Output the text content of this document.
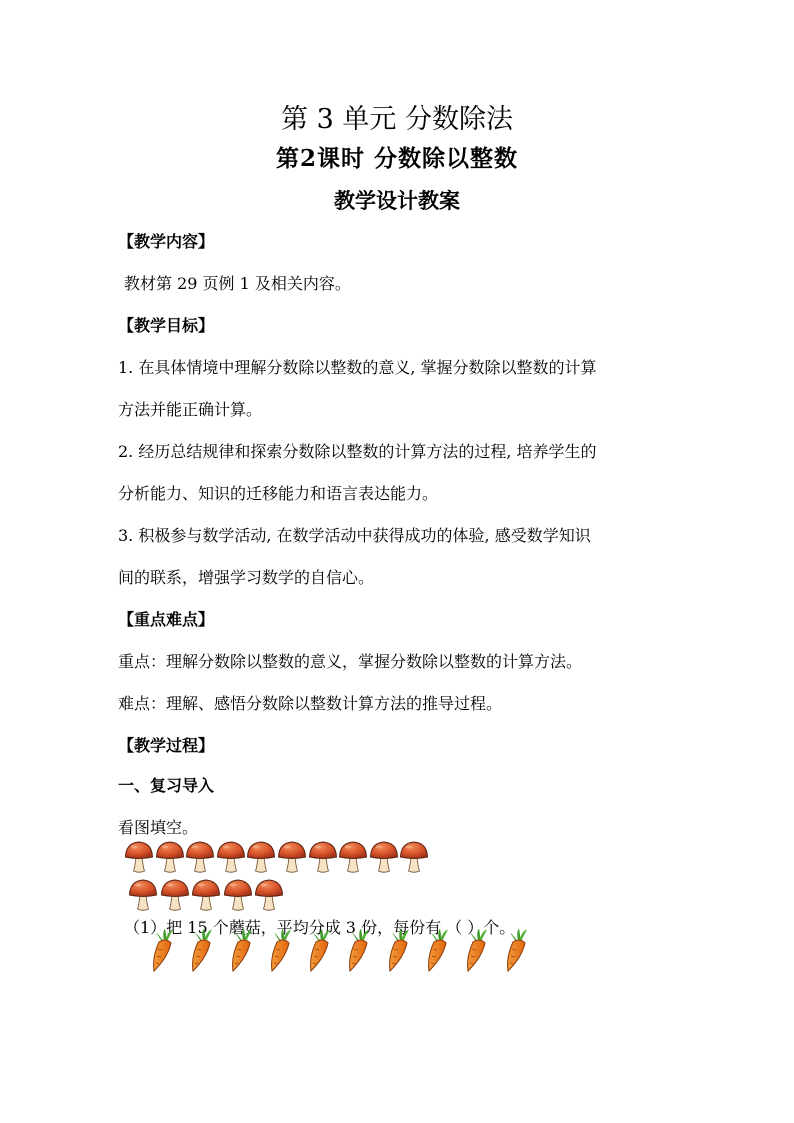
第 3 单元 分数除法
第2课时 分数除以整数
教学设计教案
【教学内容】
教材第 29 页例 1 及相关内容。
【教学目标】
1. 在具体情境中理解分数除以整数的意义, 掌握分数除以整数的计算
方法并能正确计算。
2. 经历总结规律和探索分数除以整数的计算方法的过程, 培养学生的
分析能力、知识的迁移能力和语言表达能力。
3. 积极参与数学活动, 在数学活动中获得成功的体验, 感受数学知识
间的联系，增强学习数学的自信心。
【重点难点】
重点：理解分数除以整数的意义，掌握分数除以整数的计算方法。
难点：理解、感悟分数除以整数计算方法的推导过程。
【教学过程】
一、复习导入
看图填空。
（1）把 15 个蘑菇，平均分成 3 份，每份有 （ ）个。
